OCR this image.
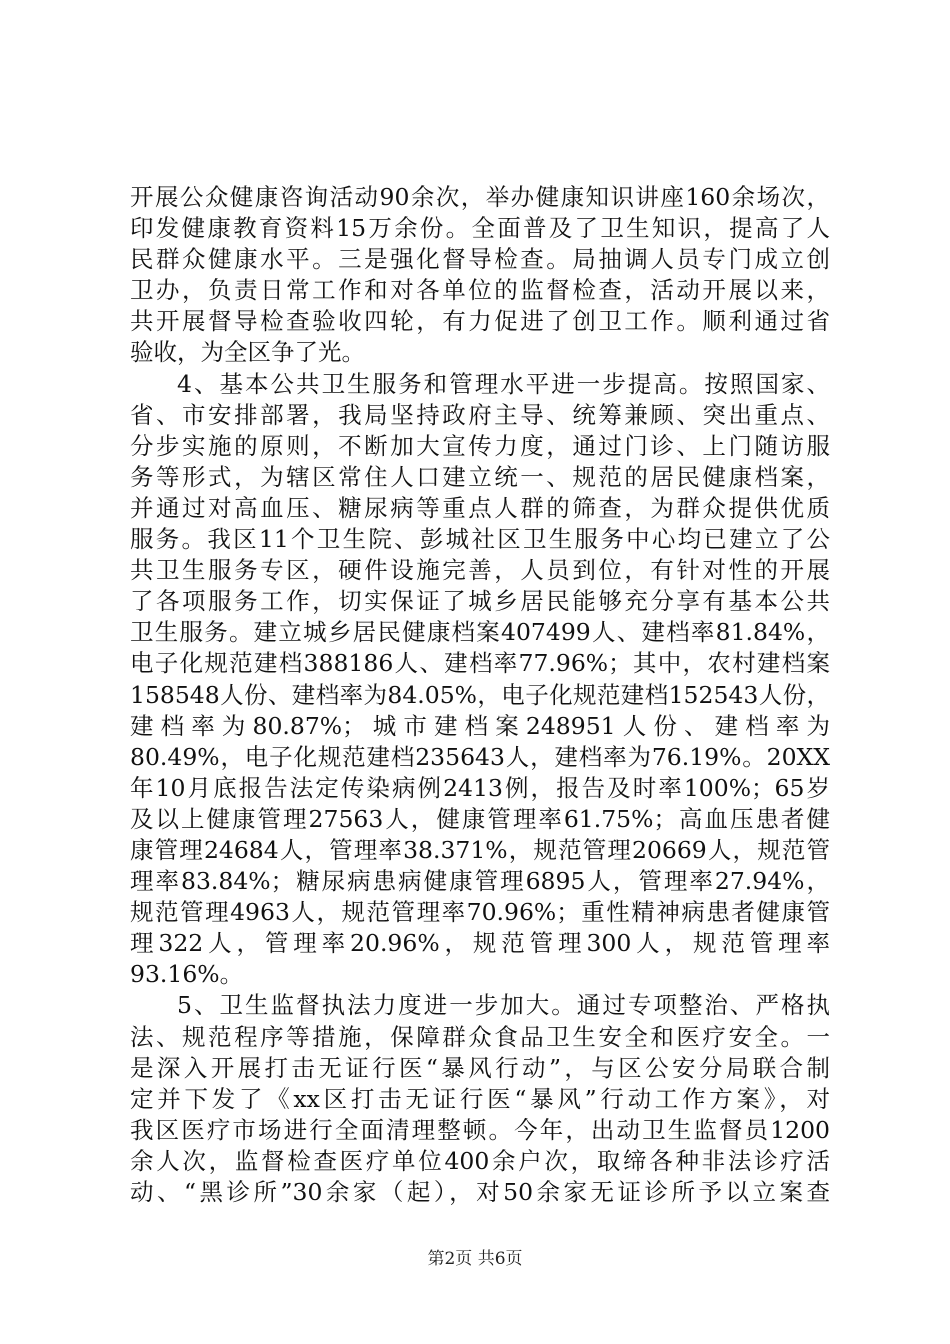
开展公众健康咨询活动90余次，举办健康知识讲座160余场次，
印发健康教育资料15万余份。全面普及了卫生知识，提高了人
民群众健康水平。三是强化督导检查。局抽调人员专门成立创
卫办，负责日常工作和对各单位的监督检查，活动开展以来，
共开展督导检查验收四轮，有力促进了创卫工作。顺利通过省
验收，为全区争了光。
4、基本公共卫生服务和管理水平进一步提高。按照国家、
省、市安排部署，我局坚持政府主导、统筹兼顾、突出重点、
分步实施的原则，不断加大宣传力度，通过门诊、上门随访服
务等形式，为辖区常住人口建立统一、规范的居民健康档案，
并通过对高血压、糖尿病等重点人群的筛查，为群众提供优质
服务。我区11个卫生院、彭城社区卫生服务中心均已建立了公
共卫生服务专区，硬件设施完善，人员到位，有针对性的开展
了各项服务工作，切实保证了城乡居民能够充分享有基本公共
卫生服务。建立城乡居民健康档案407499人、建档率81.84%，
电子化规范建档388186人、建档率77.96%；其中，农村建档案
158548人份、建档率为84.05%，电子化规范建档152543人份，
建档率为80.87%；城市建档案248951人份、建档率为
80.49%，电子化规范建档235643人，建档率为76.19%。20XX
年10月底报告法定传染病例2413例，报告及时率100%；65岁
及以上健康管理27563人，健康管理率61.75%；高血压患者健
康管理24684人，管理率38.371%，规范管理20669人，规范管
理率83.84%；糖尿病患病健康管理6895人，管理率27.94%，
规范管理4963人，规范管理率70.96%；重性精神病患者健康管
理322人，管理率20.96%，规范管理300人，规范管理率
93.16%。
5、卫生监督执法力度进一步加大。通过专项整治、严格执
法、规范程序等措施，保障群众食品卫生安全和医疗安全。一
是深入开展打击无证行医“暴风行动”，与区公安分局联合制
定并下发了《xx区打击无证行医“暴风”行动工作方案》，对
我区医疗市场进行全面清理整顿。今年，出动卫生监督员1200
余人次，监督检查医疗单位400余户次，取缔各种非法诊疗活
动、“黑诊所”30余家（起），对50余家无证诊所予以立案查
第2页 共6页
